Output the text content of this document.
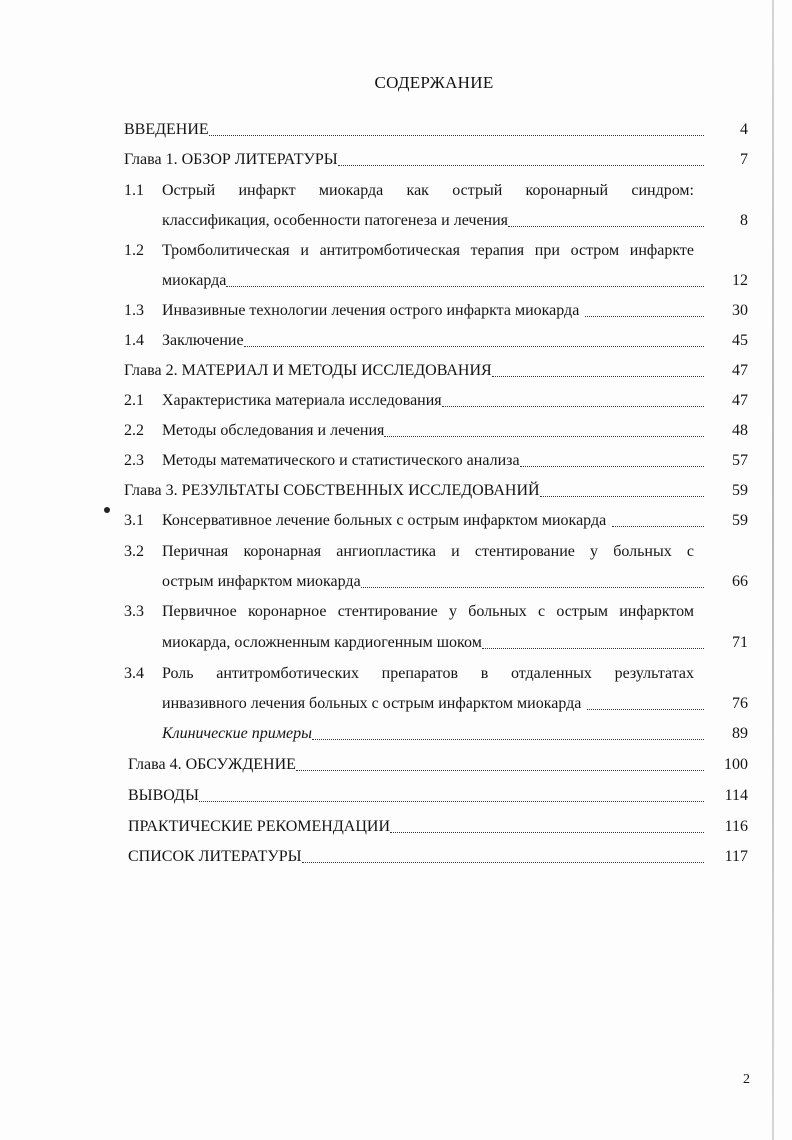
СОДЕРЖАНИЕ
ВВЕДЕНИЕ	4
Глава 1. ОБЗОР ЛИТЕРАТУРЫ	7
1.1	Острый инфаркт миокарда как острый коронарный синдром:
классификация, особенности патогенеза и лечения	8
1.2	Тромболитическая и антитромботическая терапия при остром инфаркте
миокарда	12
1.3	Инвазивные технологии лечения острого инфаркта миокарда	30
1.4	Заключение	45
Глава 2. МАТЕРИАЛ И МЕТОДЫ ИССЛЕДОВАНИЯ	47
2.1	Характеристика материала исследования	47
2.2	Методы обследования и лечения	48
2.3	Методы математического и статистического анализа	57
Глава 3. РЕЗУЛЬТАТЫ СОБСТВЕННЫХ ИССЛЕДОВАНИЙ	59
3.1	Консервативное лечение больных с острым инфарктом миокарда	59
3.2	Перичная коронарная ангиопластика и стентирование у больных с
острым инфарктом миокарда	66
3.3	Первичное коронарное стентирование у больных с острым инфарктом
миокарда, осложненным кардиогенным шоком	71
3.4	Роль антитромботических препаратов в отдаленных результатах
инвазивного лечения больных с острым инфарктом миокарда	76
Клинические примеры	89
Глава 4. ОБСУЖДЕНИЕ	100
ВЫВОДЫ	114
ПРАКТИЧЕСКИЕ РЕКОМЕНДАЦИИ	116
СПИСОК ЛИТЕРАТУРЫ	117
2
